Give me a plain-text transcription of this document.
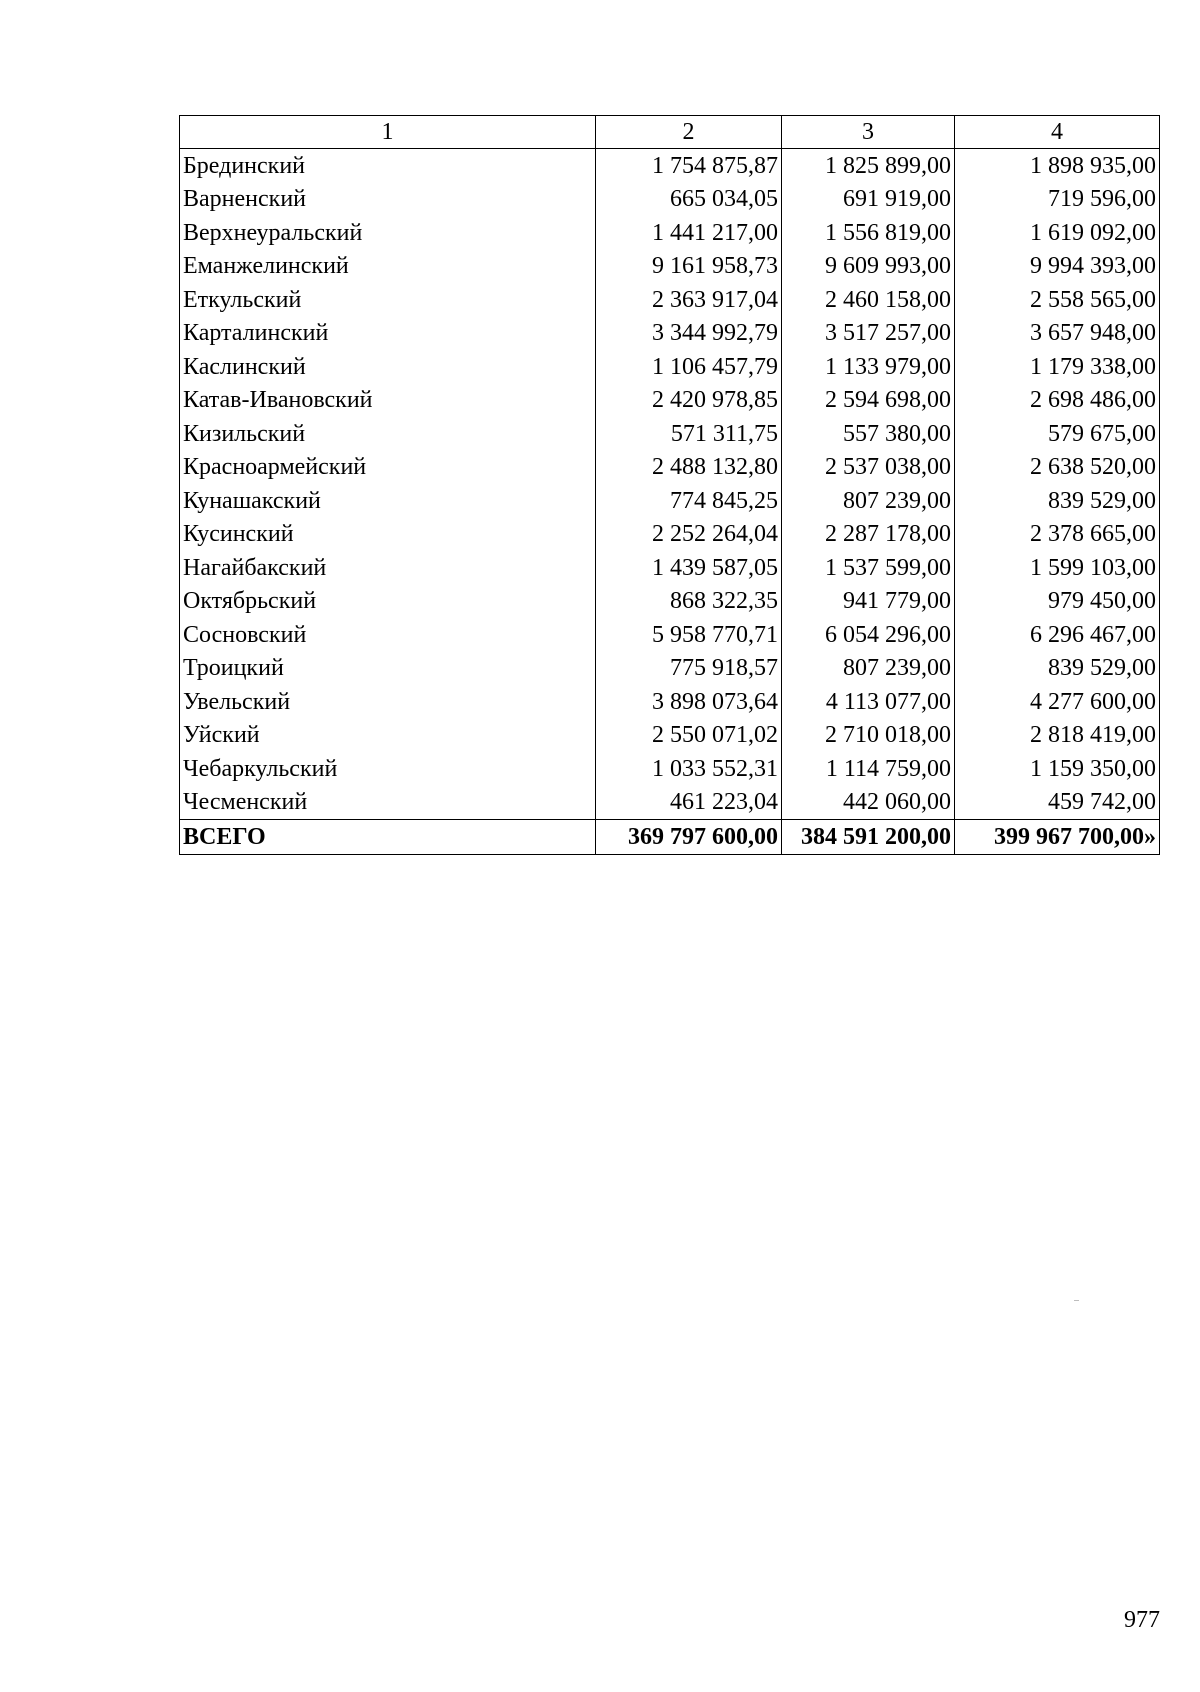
1	2	3	4
Брединский	1 754 875,87	1 825 899,00	1 898 935,00
Варненский	665 034,05	691 919,00	719 596,00
Верхнеуральский	1 441 217,00	1 556 819,00	1 619 092,00
Еманжелинский	9 161 958,73	9 609 993,00	9 994 393,00
Еткульский	2 363 917,04	2 460 158,00	2 558 565,00
Карталинский	3 344 992,79	3 517 257,00	3 657 948,00
Каслинский	1 106 457,79	1 133 979,00	1 179 338,00
Катав-Ивановский	2 420 978,85	2 594 698,00	2 698 486,00
Кизильский	571 311,75	557 380,00	579 675,00
Красноармейский	2 488 132,80	2 537 038,00	2 638 520,00
Кунашакский	774 845,25	807 239,00	839 529,00
Кусинский	2 252 264,04	2 287 178,00	2 378 665,00
Нагайбакский	1 439 587,05	1 537 599,00	1 599 103,00
Октябрьский	868 322,35	941 779,00	979 450,00
Сосновский	5 958 770,71	6 054 296,00	6 296 467,00
Троицкий	775 918,57	807 239,00	839 529,00
Увельский	3 898 073,64	4 113 077,00	4 277 600,00
Уйский	2 550 071,02	2 710 018,00	2 818 419,00
Чебаркульский	1 033 552,31	1 114 759,00	1 159 350,00
Чесменский	461 223,04	442 060,00	459 742,00
ВСЕГО	369 797 600,00	384 591 200,00	399 967 700,00»
977
